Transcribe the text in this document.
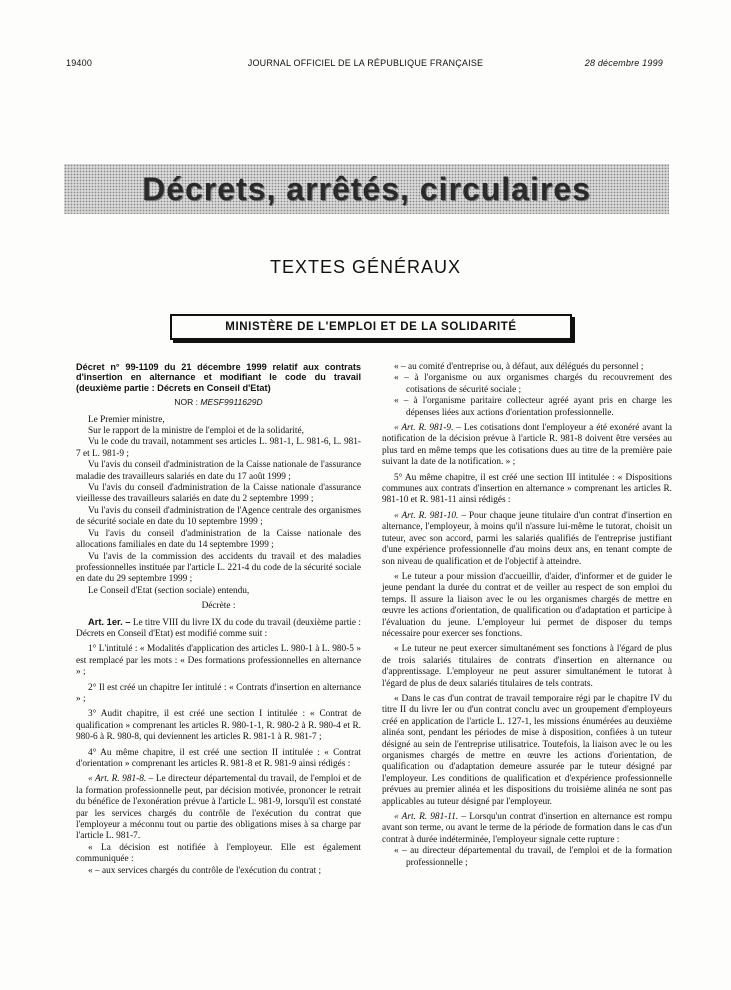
19400	JOURNAL OFFICIEL DE LA RÉPUBLIQUE FRANÇAISE	28 décembre 1999
Décrets, arrêtés, circulaires
TEXTES GÉNÉRAUX
MINISTÈRE DE L'EMPLOI ET DE LA SOLIDARITÉ

Décret n° 99-1109 du 21 décembre 1999 relatif aux contrats d'insertion en alternance et modifiant le code du travail (deuxième partie : Décrets en Conseil d'Etat)

NOR : MESF9911629D

Le Premier ministre,

Sur le rapport de la ministre de l'emploi et de la solidarité,

Vu le code du travail, notamment ses articles L. 981-1, L. 981-6, L. 981-7 et L. 981-9 ;

Vu l'avis du conseil d'administration de la Caisse nationale de l'assurance maladie des travailleurs salariés en date du 17 août 1999 ;

Vu l'avis du conseil d'administration de la Caisse nationale d'assurance vieillesse des travailleurs salariés en date du 2 septembre 1999 ;

Vu l'avis du conseil d'administration de l'Agence centrale des organismes de sécurité sociale en date du 10 septembre 1999 ;

Vu l'avis du conseil d'administration de la Caisse nationale des allocations familiales en date du 14 septembre 1999 ;

Vu l'avis de la commission des accidents du travail et des maladies professionnelles instituée par l'article L. 221-4 du code de la sécurité sociale en date du 29 septembre 1999 ;

Le Conseil d'Etat (section sociale) entendu,

Décrète :

Art. 1er. – Le titre VIII du livre IX du code du travail (deuxième partie : Décrets en Conseil d'Etat) est modifié comme suit :

1° L'intitulé : « Modalités d'application des articles L. 980-1 à L. 980-5 » est remplacé par les mots : « Des formations professionnelles en alternance » ;

2° Il est créé un chapitre Ier intitulé : « Contrats d'insertion en alternance » ;

3° Audit chapitre, il est créé une section I intitulée : « Contrat de qualification » comprenant les articles R. 980-1-1, R. 980-2 à R. 980-4 et R. 980-6 à R. 980-8, qui deviennent les articles R. 981-1 à R. 981-7 ;

4° Au même chapitre, il est créé une section II intitulée : « Contrat d'orientation » comprenant les articles R. 981-8 et R. 981-9 ainsi rédigés :

« Art. R. 981-8. – Le directeur départemental du travail, de l'emploi et de la formation professionnelle peut, par décision motivée, prononcer le retrait du bénéfice de l'exonération prévue à l'article L. 981-9, lorsqu'il est constaté par les services chargés du contrôle de l'exécution du contrat que l'employeur a méconnu tout ou partie des obligations mises à sa charge par l'article L. 981-7.

« La décision est notifiée à l'employeur. Elle est également communiquée :

« – aux services chargés du contrôle de l'exécution du contrat ;

« – au comité d'entreprise ou, à défaut, aux délégués du personnel ;

« – à l'organisme ou aux organismes chargés du recouvrement des cotisations de sécurité sociale ;

« – à l'organisme paritaire collecteur agréé ayant pris en charge les dépenses liées aux actions d'orientation professionnelle.

« Art. R. 981-9. – Les cotisations dont l'employeur a été exonéré avant la notification de la décision prévue à l'article R. 981-8 doivent être versées au plus tard en même temps que les cotisations dues au titre de la première paie suivant la date de la notification. » ;

5° Au même chapitre, il est créé une section III intitulée : « Dispositions communes aux contrats d'insertion en alternance » comprenant les articles R. 981-10 et R. 981-11 ainsi rédigés :

« Art. R. 981-10. – Pour chaque jeune titulaire d'un contrat d'insertion en alternance, l'employeur, à moins qu'il n'assure lui-même le tutorat, choisit un tuteur, avec son accord, parmi les salariés qualifiés de l'entreprise justifiant d'une expérience professionnelle d'au moins deux ans, en tenant compte de son niveau de qualification et de l'objectif à atteindre.

« Le tuteur a pour mission d'accueillir, d'aider, d'informer et de guider le jeune pendant la durée du contrat et de veiller au respect de son emploi du temps. Il assure la liaison avec le ou les organismes chargés de mettre en œuvre les actions d'orientation, de qualification ou d'adaptation et participe à l'évaluation du jeune. L'employeur lui permet de disposer du temps nécessaire pour exercer ses fonctions.

« Le tuteur ne peut exercer simultanément ses fonctions à l'égard de plus de trois salariés titulaires de contrats d'insertion en alternance ou d'apprentissage. L'employeur ne peut assurer simultanément le tutorat à l'égard de plus de deux salariés titulaires de tels contrats.

« Dans le cas d'un contrat de travail temporaire régi par le chapitre IV du titre II du livre Ier ou d'un contrat conclu avec un groupement d'employeurs créé en application de l'article L. 127-1, les missions énumérées au deuxième alinéa sont, pendant les périodes de mise à disposition, confiées à un tuteur désigné au sein de l'entreprise utilisatrice. Toutefois, la liaison avec le ou les organismes chargés de mettre en œuvre les actions d'orientation, de qualification ou d'adaptation demeure assurée par le tuteur désigné par l'employeur. Les conditions de qualification et d'expérience professionnelle prévues au premier alinéa et les dispositions du troisième alinéa ne sont pas applicables au tuteur désigné par l'employeur.

« Art. R. 981-11. – Lorsqu'un contrat d'insertion en alternance est rompu avant son terme, ou avant le terme de la période de formation dans le cas d'un contrat à durée indéterminée, l'employeur signale cette rupture :

« – au directeur départemental du travail, de l'emploi et de la formation professionnelle ;
